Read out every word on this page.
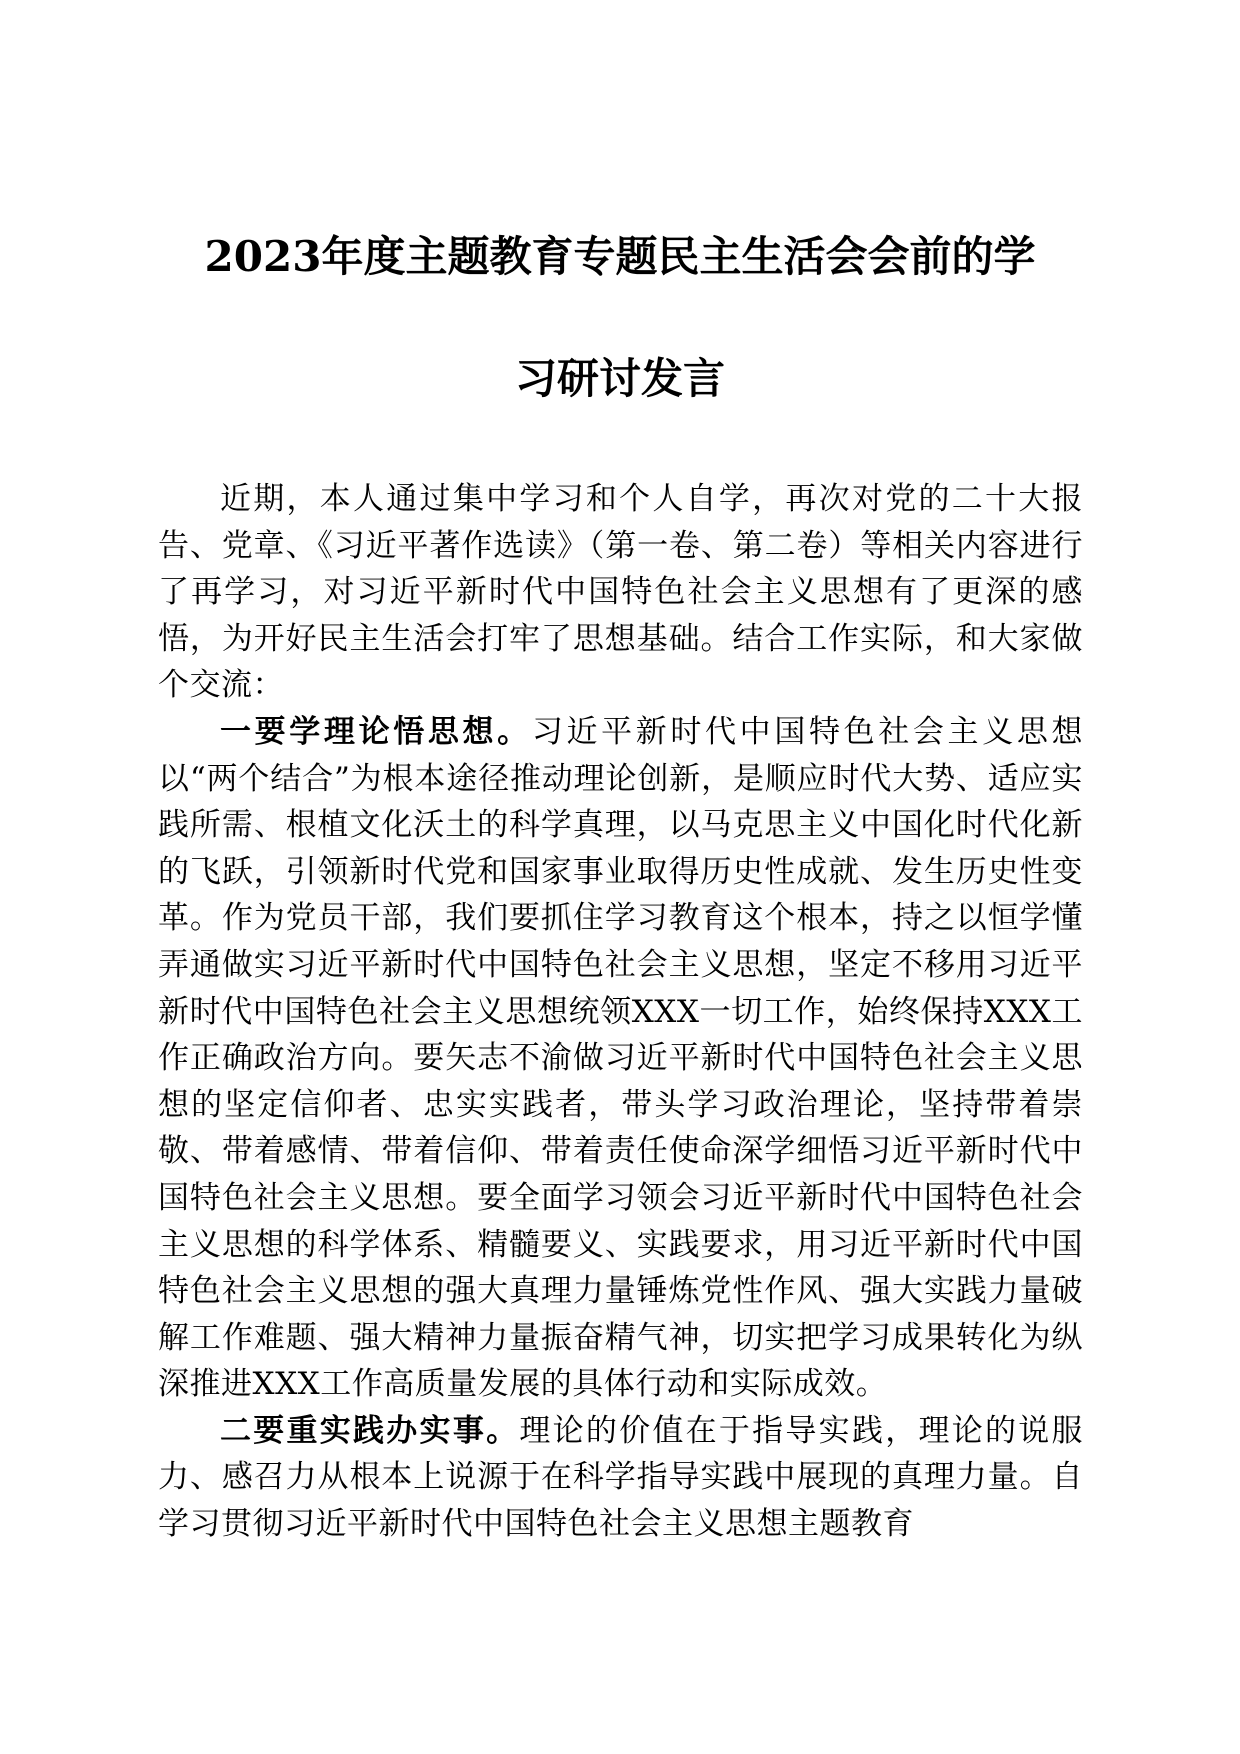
2023年度主题教育专题民主生活会会前的学
习研讨发言

近期，本人通过集中学习和个人自学，再次对党的二十大报告、党章、《习近平著作选读》（第一卷、第二卷）等相关内容进行了再学习，对习近平新时代中国特色社会主义思想有了更深的感悟，为开好民主生活会打牢了思想基础。结合工作实际，和大家做个交流：

一要学理论悟思想。习近平新时代中国特色社会主义思想以“两个结合”为根本途径推动理论创新，是顺应时代大势、适应实践所需、根植文化沃土的科学真理，以马克思主义中国化时代化新的飞跃，引领新时代党和国家事业取得历史性成就、发生历史性变革。作为党员干部，我们要抓住学习教育这个根本，持之以恒学懂弄通做实习近平新时代中国特色社会主义思想，坚定不移用习近平新时代中国特色社会主义思想统领XXX一切工作，始终保持XXX工作正确政治方向。要矢志不渝做习近平新时代中国特色社会主义思想的坚定信仰者、忠实实践者，带头学习政治理论，坚持带着崇敬、带着感情、带着信仰、带着责任使命深学细悟习近平新时代中国特色社会主义思想。要全面学习领会习近平新时代中国特色社会主义思想的科学体系、精髓要义、实践要求，用习近平新时代中国特色社会主义思想的强大真理力量锤炼党性作风、强大实践力量破解工作难题、强大精神力量振奋精气神，切实把学习成果转化为纵深推进XXX工作高质量发展的具体行动和实际成效。

二要重实践办实事。理论的价值在于指导实践，理论的说服力、感召力从根本上说源于在科学指导实践中展现的真理力量。自学习贯彻习近平新时代中国特色社会主义思想主题教育
